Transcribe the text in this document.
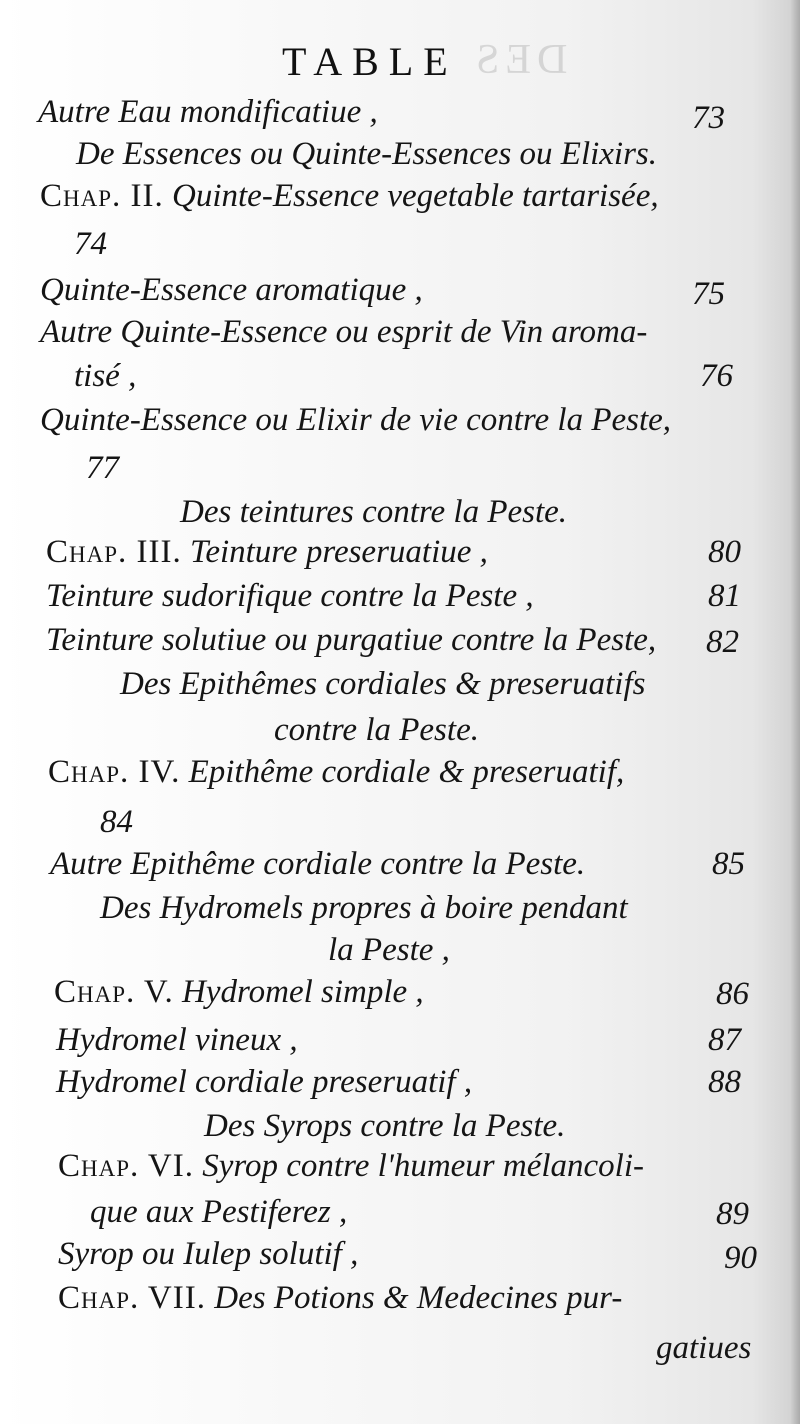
DES
TABLE
Autre Eau mondificatiue ,	73
De Essences ou Quinte-Essences ou Elixirs.
Chap. II. Quinte-Essence vegetable tartarisée,
74
Quinte-Essence aromatique ,	75
Autre Quinte-Essence ou esprit de Vin aroma-
tisé ,	76
Quinte-Essence ou Elixir de vie contre la Peste,
77
Des teintures contre la Peste.
Chap. III. Teinture preseruatiue ,	80
Teinture sudorifique contre la Peste ,	81
Teinture solutiue ou purgatiue contre la Peste, 82
Des Epithêmes cordiales & preseruatifs
contre la Peste.
Chap. IV. Epithême cordiale & preseruatif,
84
Autre Epithême cordiale contre la Peste.	85
Des Hydromels propres à boire pendant
la Peste ,
Chap. V. Hydromel simple ,	86
Hydromel vineux ,	87
Hydromel cordiale preseruatif ,	88
Des Syrops contre la Peste.
Chap. VI. Syrop contre l'humeur mélancoli-
que aux Pestiferez ,	89
Syrop ou Iulep solutif ,	90
Chap. VII. Des Potions & Medecines pur-
gatiues
